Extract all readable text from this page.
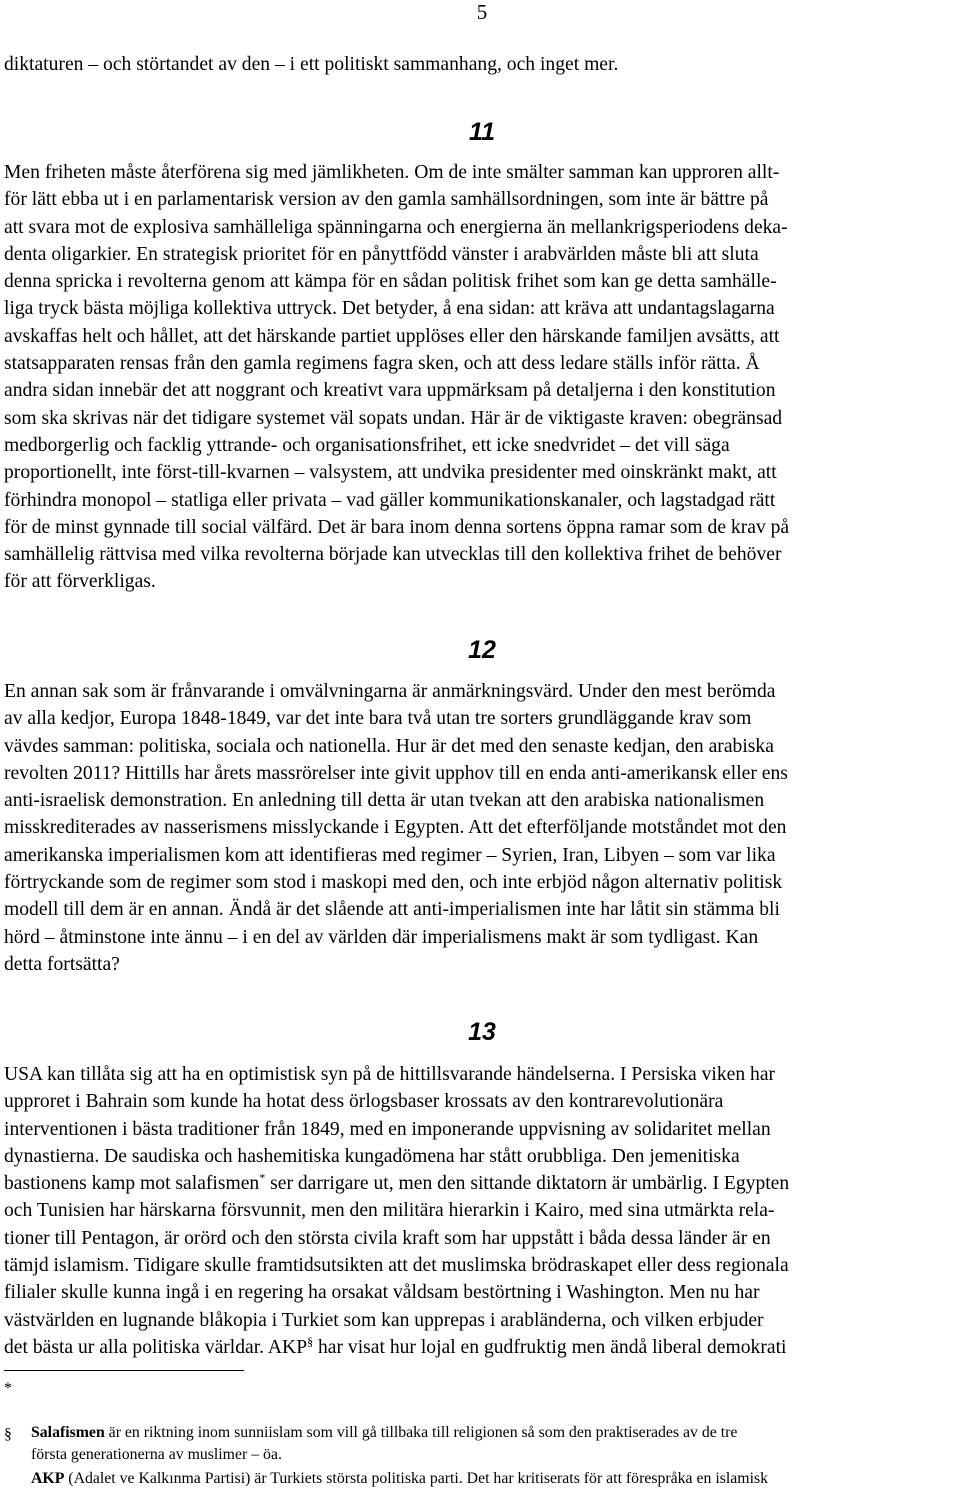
5

diktaturen – och störtandet av den – i ett politiskt sammanhang, och inget mer.

11

Men friheten måste återförena sig med jämlikheten. Om de inte smälter samman kan upproren allt-
för lätt ebba ut i en parlamentarisk version av den gamla samhällsordningen, som inte är bättre på
att svara mot de explosiva samhälleliga spänningarna och energierna än mellankrigsperiodens deka-
denta oligarkier. En strategisk prioritet för en pånyttfödd vänster i arabvärlden måste bli att sluta
denna spricka i revolterna genom att kämpa för en sådan politisk frihet som kan ge detta samhälle-
liga tryck bästa möjliga kollektiva uttryck. Det betyder, å ena sidan: att kräva att undantagslagarna
avskaffas helt och hållet, att det härskande partiet upplöses eller den härskande familjen avsätts, att
statsapparaten rensas från den gamla regimens fagra sken, och att dess ledare ställs inför rätta. Å
andra sidan innebär det att noggrant och kreativt vara uppmärksam på detaljerna i den konstitution
som ska skrivas när det tidigare systemet väl sopats undan. Här är de viktigaste kraven: obegränsad
medborgerlig och facklig yttrande- och organisationsfrihet, ett icke snedvridet – det vill säga
proportionellt, inte först-till-kvarnen – valsystem, att undvika presidenter med oinskränkt makt, att
förhindra monopol – statliga eller privata – vad gäller kommunikationskanaler, och lagstadgad rätt
för de minst gynnade till social välfärd. Det är bara inom denna sortens öppna ramar som de krav på
samhällelig rättvisa med vilka revolterna började kan utvecklas till den kollektiva frihet de behöver
för att förverkligas.

12

En annan sak som är frånvarande i omvälvningarna är anmärkningsvärd. Under den mest berömda
av alla kedjor, Europa 1848-1849, var det inte bara två utan tre sorters grundläggande krav som
vävdes samman: politiska, sociala och nationella. Hur är det med den senaste kedjan, den arabiska
revolten 2011? Hittills har årets massrörelser inte givit upphov till en enda anti-amerikansk eller ens
anti-israelisk demonstration. En anledning till detta är utan tvekan att den arabiska nationalismen
misskrediterades av nasserismens misslyckande i Egypten. Att det efterföljande motståndet mot den
amerikanska imperialismen kom att identifieras med regimer – Syrien, Iran, Libyen – som var lika
förtryckande som de regimer som stod i maskopi med den, och inte erbjöd någon alternativ politisk
modell till dem är en annan. Ändå är det slående att anti-imperialismen inte har låtit sin stämma bli
hörd – åtminstone inte ännu – i en del av världen där imperialismens makt är som tydligast. Kan
detta fortsätta?

13

USA kan tillåta sig att ha en optimistisk syn på de hittillsvarande händelserna. I Persiska viken har
upproret i Bahrain som kunde ha hotat dess örlogsbaser krossats av den kontrarevolutionära
interventionen i bästa traditioner från 1849, med en imponerande uppvisning av solidaritet mellan
dynastierna. De saudiska och hashemitiska kungadömena har stått orubbliga. Den jemenitiska
bastionens kamp mot salafismen* ser darrigare ut, men den sittande diktatorn är umbärlig. I Egypten
och Tunisien har härskarna försvunnit, men den militära hierarkin i Kairo, med sina utmärkta rela-
tioner till Pentagon, är orörd och den största civila kraft som har uppstått i båda dessa länder är en
tämjd islamism. Tidigare skulle framtidsutsikten att det muslimska brödraskapet eller dess regionala
filialer skulle kunna ingå i en regering ha orsakat våldsam bestörtning i Washington. Men nu har
västvärlden en lugnande blåkopia i Turkiet som kan upprepas i arabländerna, och vilken erbjuder
det bästa ur alla politiska världar. AKP§ har visat hur lojal en gudfruktig men ändå liberal demokrati

*

Salafismen är en riktning inom sunniislam som vill gå tillbaka till religionen så som den praktiserades av de tre
första generationerna av muslimer – öa.

§

AKP (Adalet ve Kalkınma Partisi) är Turkiets största politiska parti. Det har kritiserats för att förespråka en islamisk
